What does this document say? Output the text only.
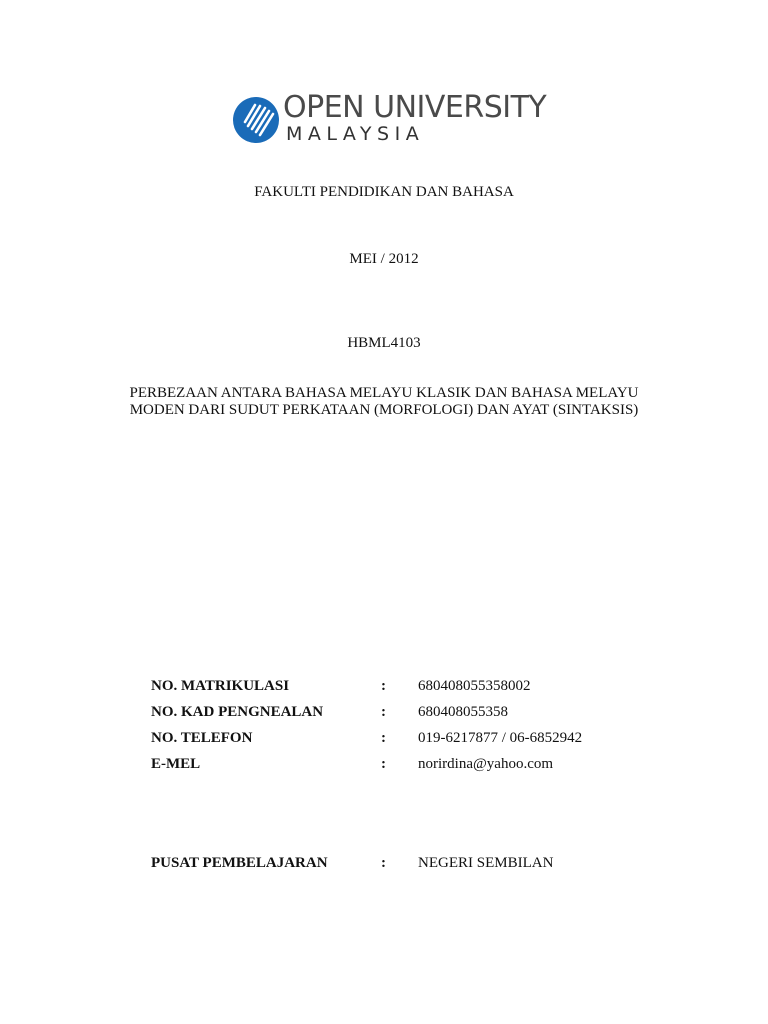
OPEN UNIVERSITY
MALAYSIA
FAKULTI PENDIDIKAN DAN BAHASA
MEI / 2012
HBML4103
PERBEZAAN ANTARA BAHASA MELAYU KLASIK DAN BAHASA MELAYU
MODEN DARI SUDUT PERKATAAN (MORFOLOGI) DAN AYAT (SINTAKSIS)
NO. MATRIKULASI	: 680408055358002
NO. KAD PENGNEALAN	: 680408055358
NO. TELEFON	: 019-6217877 / 06-6852942
E-MEL	: norirdina@yahoo.com
PUSAT PEMBELAJARAN	: NEGERI SEMBILAN
